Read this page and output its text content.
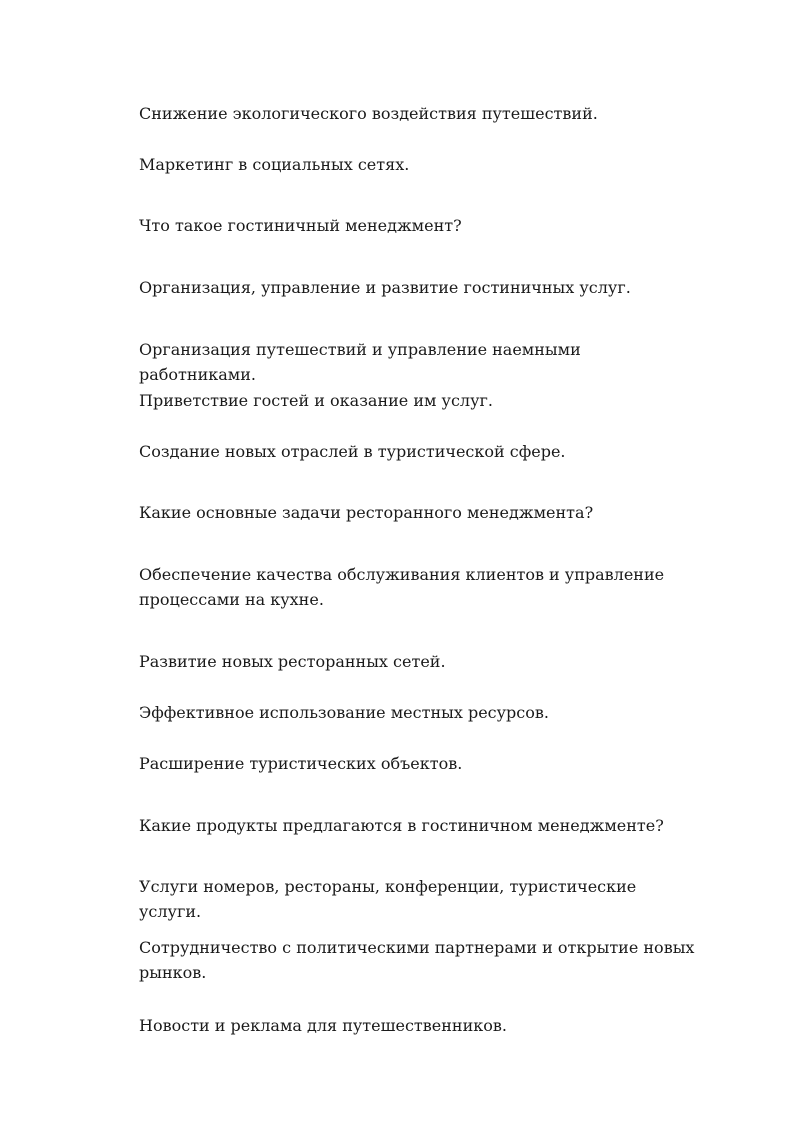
Снижение экологического воздействия путешествий.

Маркетинг в социальных сетях.

Что такое гостиничный менеджмент?

Организация, управление и развитие гостиничных услуг.

Организация путешествий и управление наемными работниками.

Приветствие гостей и оказание им услуг.

Создание новых отраслей в туристической сфере.

Какие основные задачи ресторанного менеджмента?

Обеспечение качества обслуживания клиентов и управление процессами на кухне.

Развитие новых ресторанных сетей.

Эффективное использование местных ресурсов.

Расширение туристических объектов.

Какие продукты предлагаются в гостиничном менеджменте?

Услуги номеров, рестораны, конференции, туристические услуги.

Сотрудничество с политическими партнерами и открытие новых рынков.

Новости и реклама для путешественников.
